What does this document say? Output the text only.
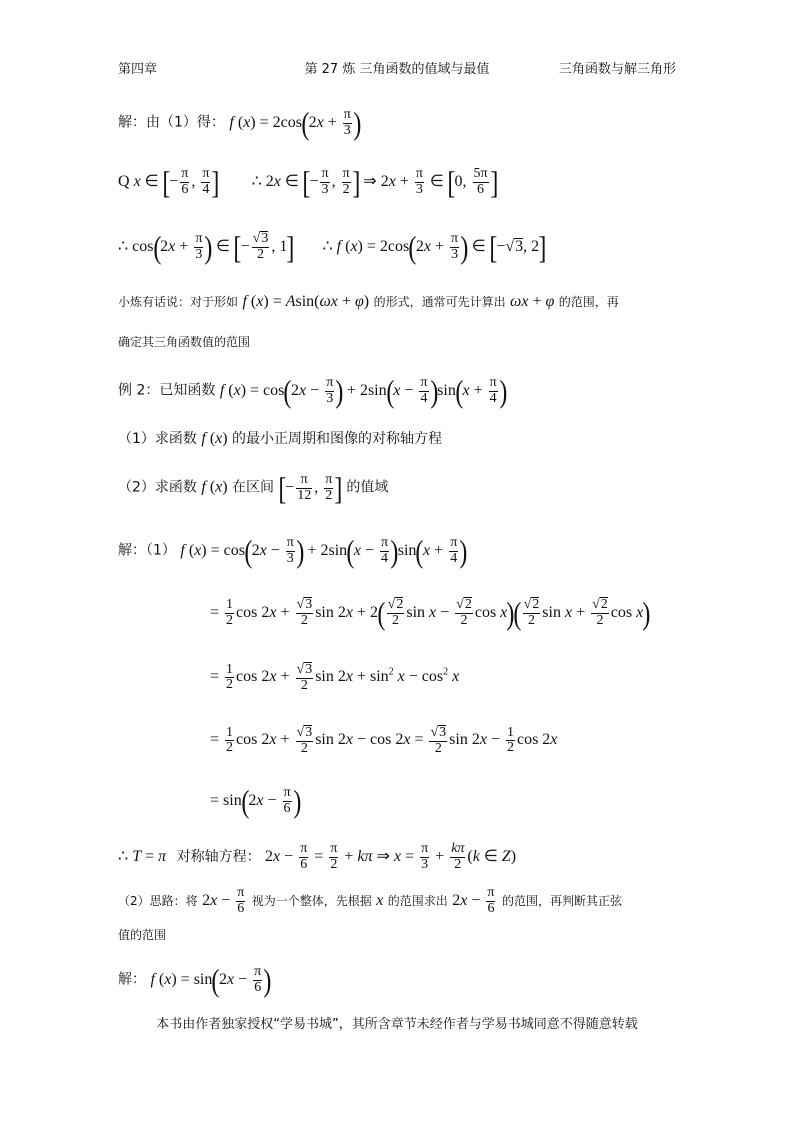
第四章	第 27 炼 三角函数的值域与最值	三角函数与解三角形
解：由（1）得： f $(x) = 2\cos(2x + \frac{\pi}{3}$ )
Q x ∈ [− $\frac{\pi}{6}$ , $\frac{\pi}{4}$ ] ∴ 2x ∈ [− $\frac{\pi}{3}$ , $\frac{\pi}{2}$ ] ⇒ $2x + \frac{\pi}{3}$ ∈ [0, $\frac{5\pi}{6}$ ]
∴ $\cos(2x + \frac{\pi}{3}$ ) ∈ [− $\frac{√3}{2}$ , 1] ∴ f $(x) = 2\cos(2x + \frac{\pi}{3}$ ) ∈ [−√3, 2]
小炼有话说：对于形如 f (x) = Asin(ωx + φ) 的形式，通常可先计算出 ωx + φ 的范围，再
确定其三角函数值的范围
例 2：已知函数 f $(x) = \cos(2x - \frac{\pi}{3}$ ) + $2\sin(x - \frac{\pi}{4} )\sin(x + \frac{\pi}{4}$ )
（1）求函数 f (x) 的最小正周期和图像的对称轴方程
（2）求函数 f (x) 在区间 [− $\frac{\pi}{12}$ , $\frac{\pi}{2}$ ] 的值域
解：（1） f $(x) = \cos(2x - \frac{\pi}{3}$ ) + $2\sin(x - \frac{\pi}{4} )\sin(x + \frac{\pi}{4}$ )
= $\frac{1}{2}$ $\cos 2x + \frac{√3}{2}$ $\sin 2x + 2( \frac{√2}{2}$ $\sin x - \frac{√2}{2}$ $\cos x)( \frac{√2}{2}$ $\sin x + \frac{√2}{2}$ cos x)
= $\frac{1}{2}$ $\cos 2x + \frac{√3}{2}$ $\sin 2x + \sin^2 x - \cos^2 x$
= $\frac{1}{2}$ $\cos 2x + \frac{√3}{2}$ $\sin 2x - \cos 2x = \frac{√3}{2}$ $\sin 2x - \frac{1}{2}$ cos 2x
= $\sin(2x - \frac{\pi}{6}$ )
∴ T = π 对称轴方程： $2x - \frac{\pi}{6} = \frac{\pi}{2} + k\pi$ ⇒ $x = \frac{\pi}{3} + \frac{k\pi}{2} (k$ ∈ Z)
（2）思路：将 $2x - \frac{\pi}{6}$ 视为一个整体，先根据 x 的范围求出 $2x - \frac{\pi}{6}$ 的范围，再判断其正弦
值的范围
解： f $(x) = \sin(2x - \frac{\pi}{6}$ )
本书由作者独家授权“学易书城”，其所含章节未经作者与学易书城同意不得随意转载
